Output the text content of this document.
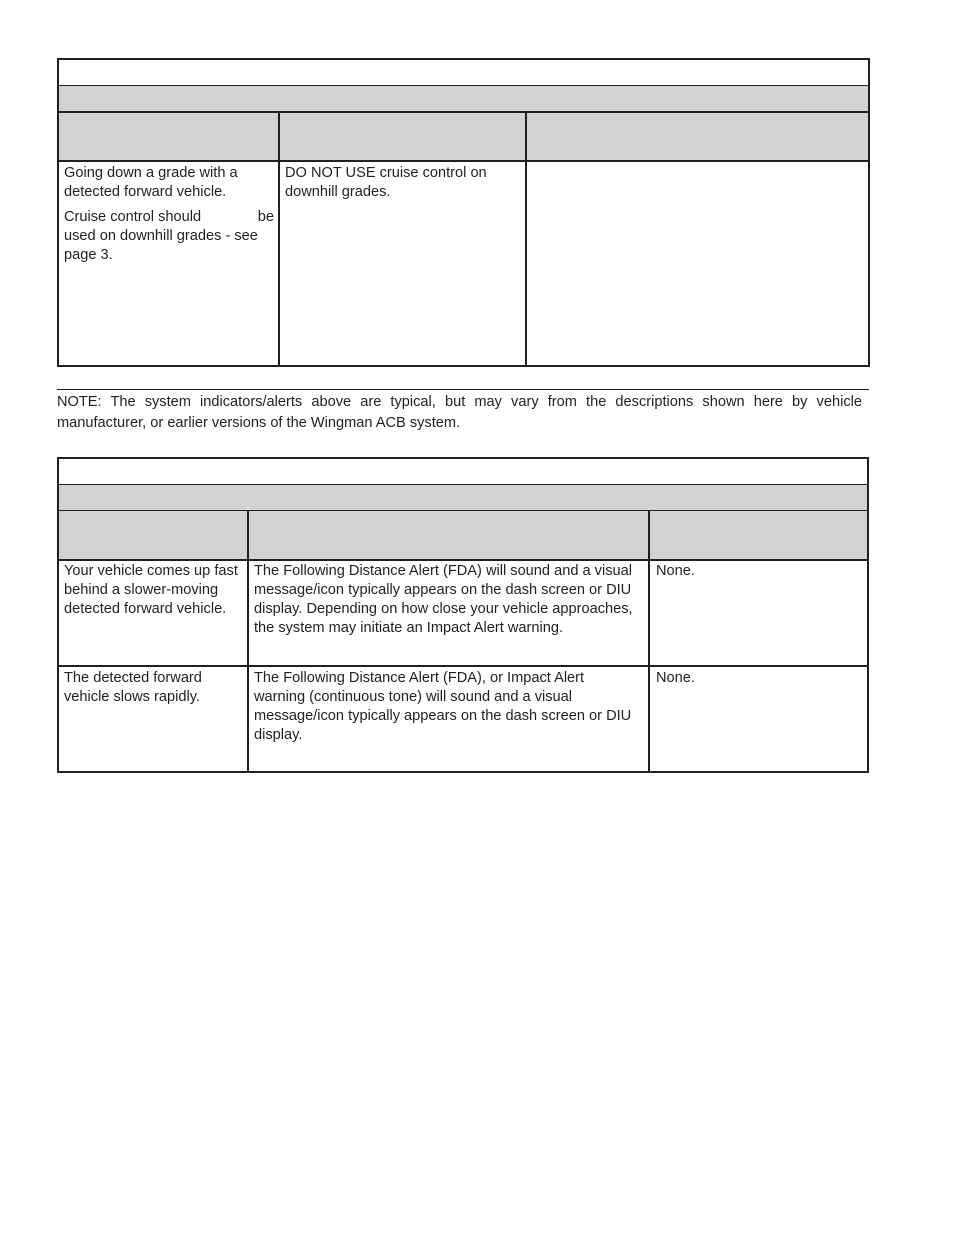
Going down a grade with a detected forward vehicle.

Cruise control should	be
used on downhill grades - see page 3.
DO NOT USE cruise control on downhill grades.
NOTE: The system indicators/alerts above are typical, but may vary from the descriptions shown here by vehicle manufacturer, or earlier versions of the Wingman ACB system.
Your vehicle comes up fast behind a slower-moving detected forward vehicle.
The Following Distance Alert (FDA) will sound and a visual message/icon typically appears on the dash screen or DIU display. Depending on how close your vehicle approaches, the system may initiate an Impact Alert warning.
None.
The detected forward vehicle slows rapidly.
The Following Distance Alert (FDA), or Impact Alert warning (continuous tone) will sound and a visual message/icon typically appears on the dash screen or DIU display.
None.
